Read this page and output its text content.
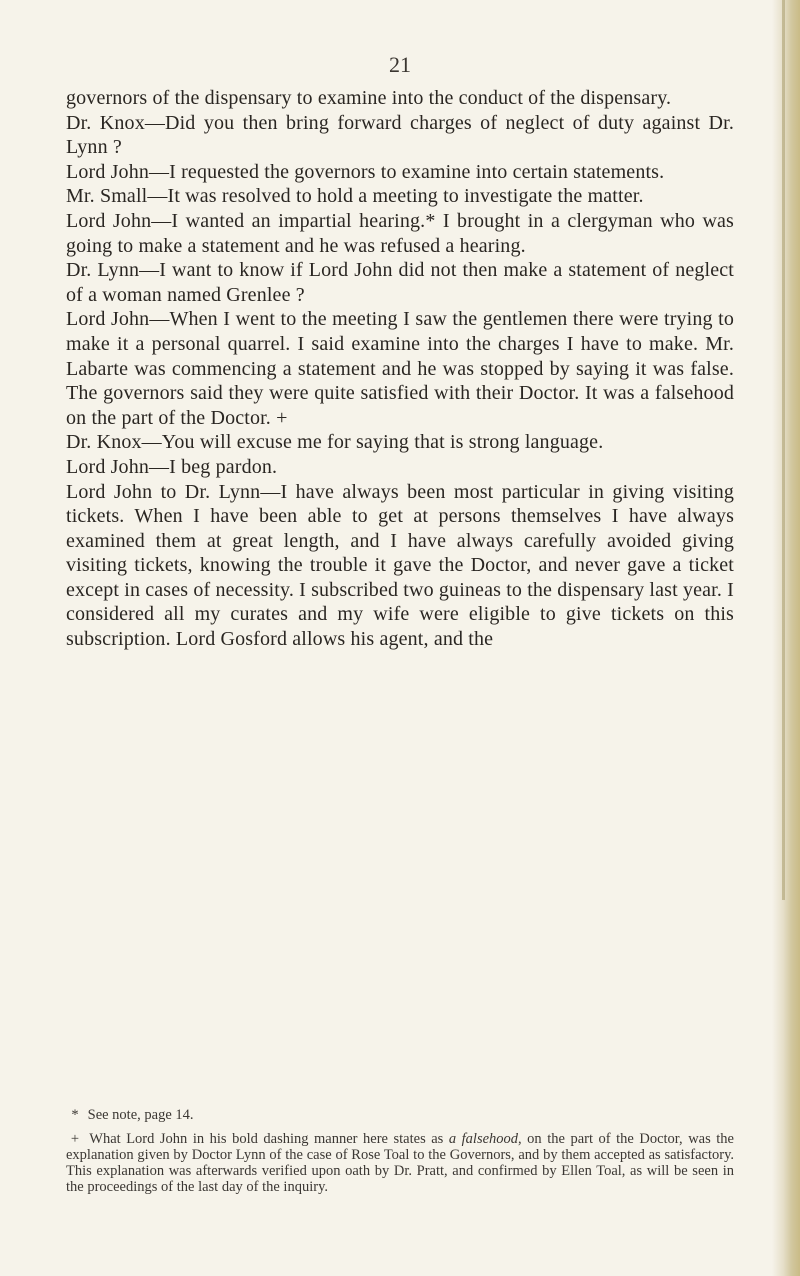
21

governors of the dispensary to examine into the conduct of the dispensary.

Dr. Knox—Did you then bring forward charges of neglect of duty against Dr. Lynn ?

Lord John—I requested the governors to examine into certain statements.

Mr. Small—It was resolved to hold a meeting to investigate the matter.

Lord John—I wanted an impartial hearing.* I brought in a clergyman who was going to make a statement and he was refused a hearing.

Dr. Lynn—I want to know if Lord John did not then make a statement of neglect of a woman named Grenlee ?

Lord John—When I went to the meeting I saw the gentlemen there were trying to make it a personal quarrel. I said examine into the charges I have to make. Mr. Labarte was commencing a statement and he was stopped by saying it was false. The governors said they were quite satisfied with their Doctor. It was a falsehood on the part of the Doctor. +

Dr. Knox—You will excuse me for saying that is strong language.

Lord John—I beg pardon.

Lord John to Dr. Lynn—I have always been most particular in giving visiting tickets. When I have been able to get at persons themselves I have always examined them at great length, and I have always carefully avoided giving visiting tickets, knowing the trouble it gave the Doctor, and never gave a ticket except in cases of necessity. I subscribed two guineas to the dispensary last year. I considered all my curates and my wife were eligible to give tickets on this subscription. Lord Gosford allows his agent, and the

* See note, page 14.

+ What Lord John in his bold dashing manner here states as a falsehood, on the part of the Doctor, was the explanation given by Doctor Lynn of the case of Rose Toal to the Governors, and by them accepted as satisfactory. This explanation was afterwards verified upon oath by Dr. Pratt, and confirmed by Ellen Toal, as will be seen in the proceedings of the last day of the inquiry.
